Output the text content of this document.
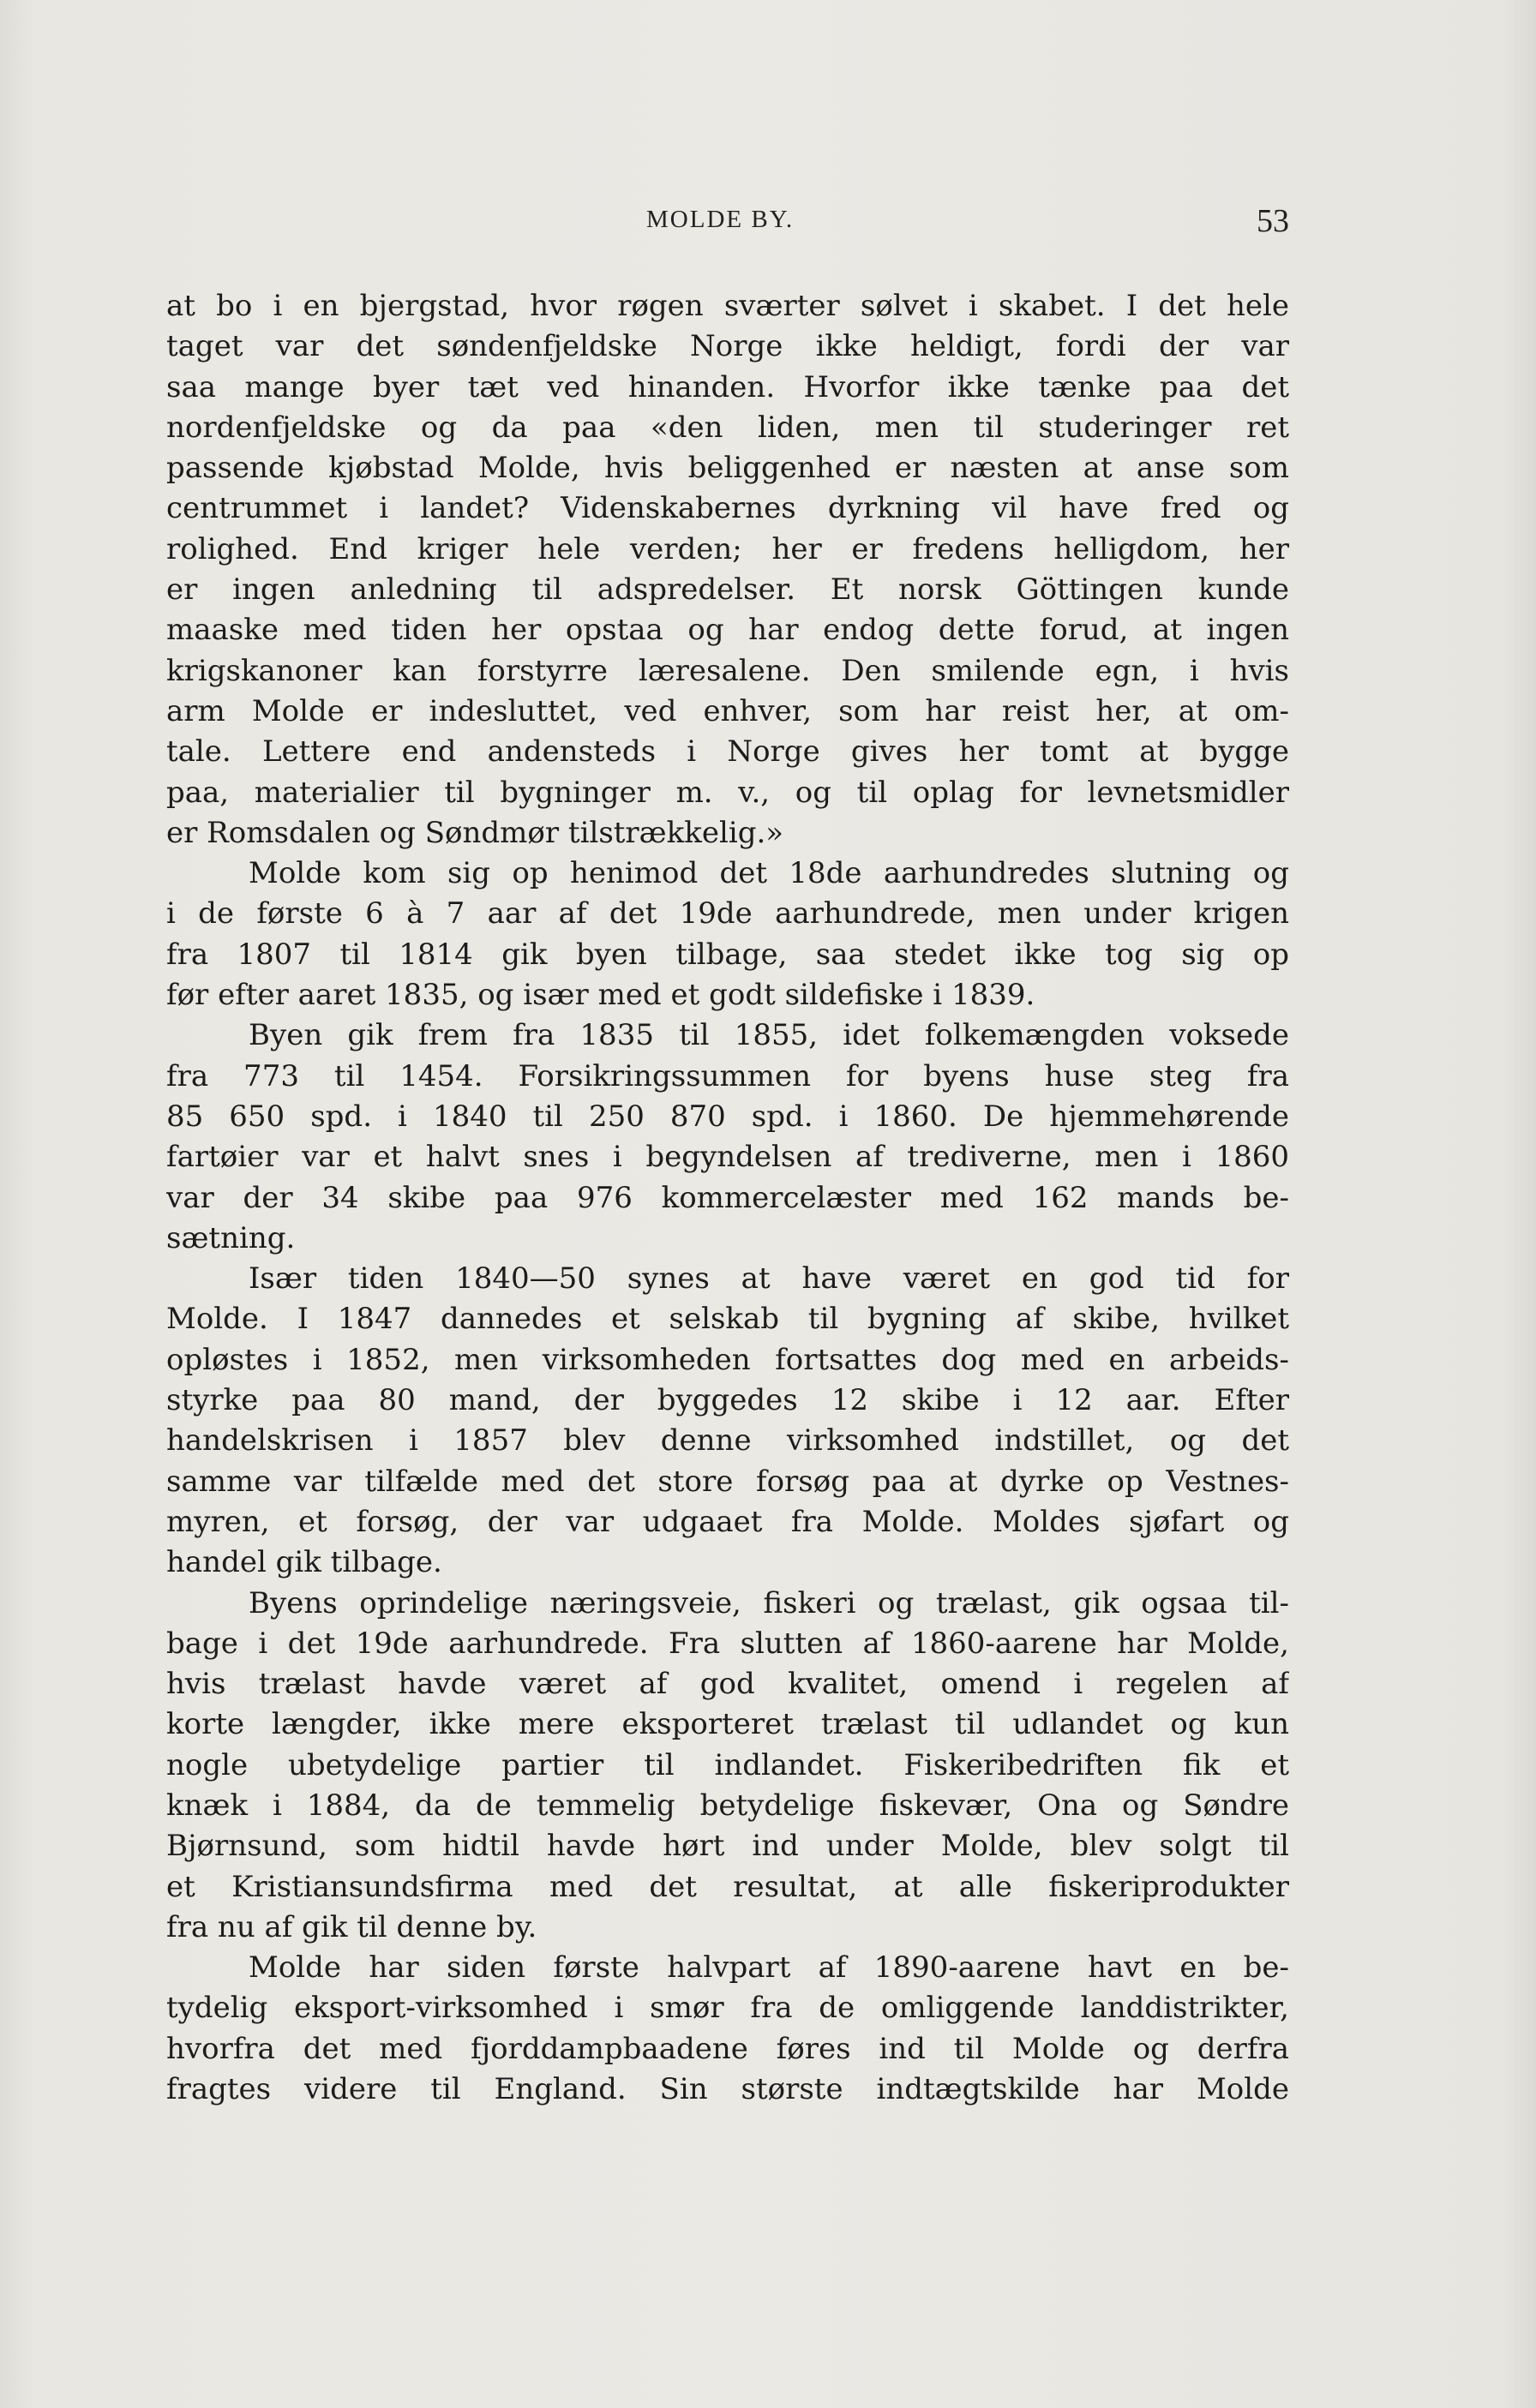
MOLDE BY.	53
at bo i en bjergstad, hvor røgen sværter sølvet i skabet. I det hele
taget var det søndenfjeldske Norge ikke heldigt, fordi der var
saa mange byer tæt ved hinanden. Hvorfor ikke tænke paa det
nordenfjeldske og da paa «den liden, men til studeringer ret
passende kjøbstad Molde, hvis beliggenhed er næsten at anse som
centrummet i landet? Videnskabernes dyrkning vil have fred og
rolighed. End kriger hele verden; her er fredens helligdom, her
er ingen anledning til adspredelser. Et norsk Göttingen kunde
maaske med tiden her opstaa og har endog dette forud, at ingen
krigskanoner kan forstyrre læresalene. Den smilende egn, i hvis
arm Molde er indesluttet, ved enhver, som har reist her, at om-
tale. Lettere end andensteds i Norge gives her tomt at bygge
paa, materialier til bygninger m. v., og til oplag for levnetsmidler
er Romsdalen og Søndmør tilstrækkelig.»
Molde kom sig op henimod det 18de aarhundredes slutning og
i de første 6 à 7 aar af det 19de aarhundrede, men under krigen
fra 1807 til 1814 gik byen tilbage, saa stedet ikke tog sig op
før efter aaret 1835, og især med et godt sildefiske i 1839.
Byen gik frem fra 1835 til 1855, idet folkemængden voksede
fra 773 til 1454. Forsikringssummen for byens huse steg fra
85 650 spd. i 1840 til 250 870 spd. i 1860. De hjemmehørende
fartøier var et halvt snes i begyndelsen af trediverne, men i 1860
var der 34 skibe paa 976 kommercelæster med 162 mands be-
sætning.
Især tiden 1840—50 synes at have været en god tid for
Molde. I 1847 dannedes et selskab til bygning af skibe, hvilket
opløstes i 1852, men virksomheden fortsattes dog med en arbeids-
styrke paa 80 mand, der byggedes 12 skibe i 12 aar. Efter
handelskrisen i 1857 blev denne virksomhed indstillet, og det
samme var tilfælde med det store forsøg paa at dyrke op Vestnes-
myren, et forsøg, der var udgaaet fra Molde. Moldes sjøfart og
handel gik tilbage.
Byens oprindelige næringsveie, fiskeri og trælast, gik ogsaa til-
bage i det 19de aarhundrede. Fra slutten af 1860-aarene har Molde,
hvis trælast havde været af god kvalitet, omend i regelen af
korte længder, ikke mere eksporteret trælast til udlandet og kun
nogle ubetydelige partier til indlandet. Fiskeribedriften fik et
knæk i 1884, da de temmelig betydelige fiskevær, Ona og Søndre
Bjørnsund, som hidtil havde hørt ind under Molde, blev solgt til
et Kristiansundsfirma med det resultat, at alle fiskeriprodukter
fra nu af gik til denne by.
Molde har siden første halvpart af 1890-aarene havt en be-
tydelig eksport-virksomhed i smør fra de omliggende landdistrikter,
hvorfra det med fjorddampbaadene føres ind til Molde og derfra
fragtes videre til England. Sin største indtægtskilde har Molde
